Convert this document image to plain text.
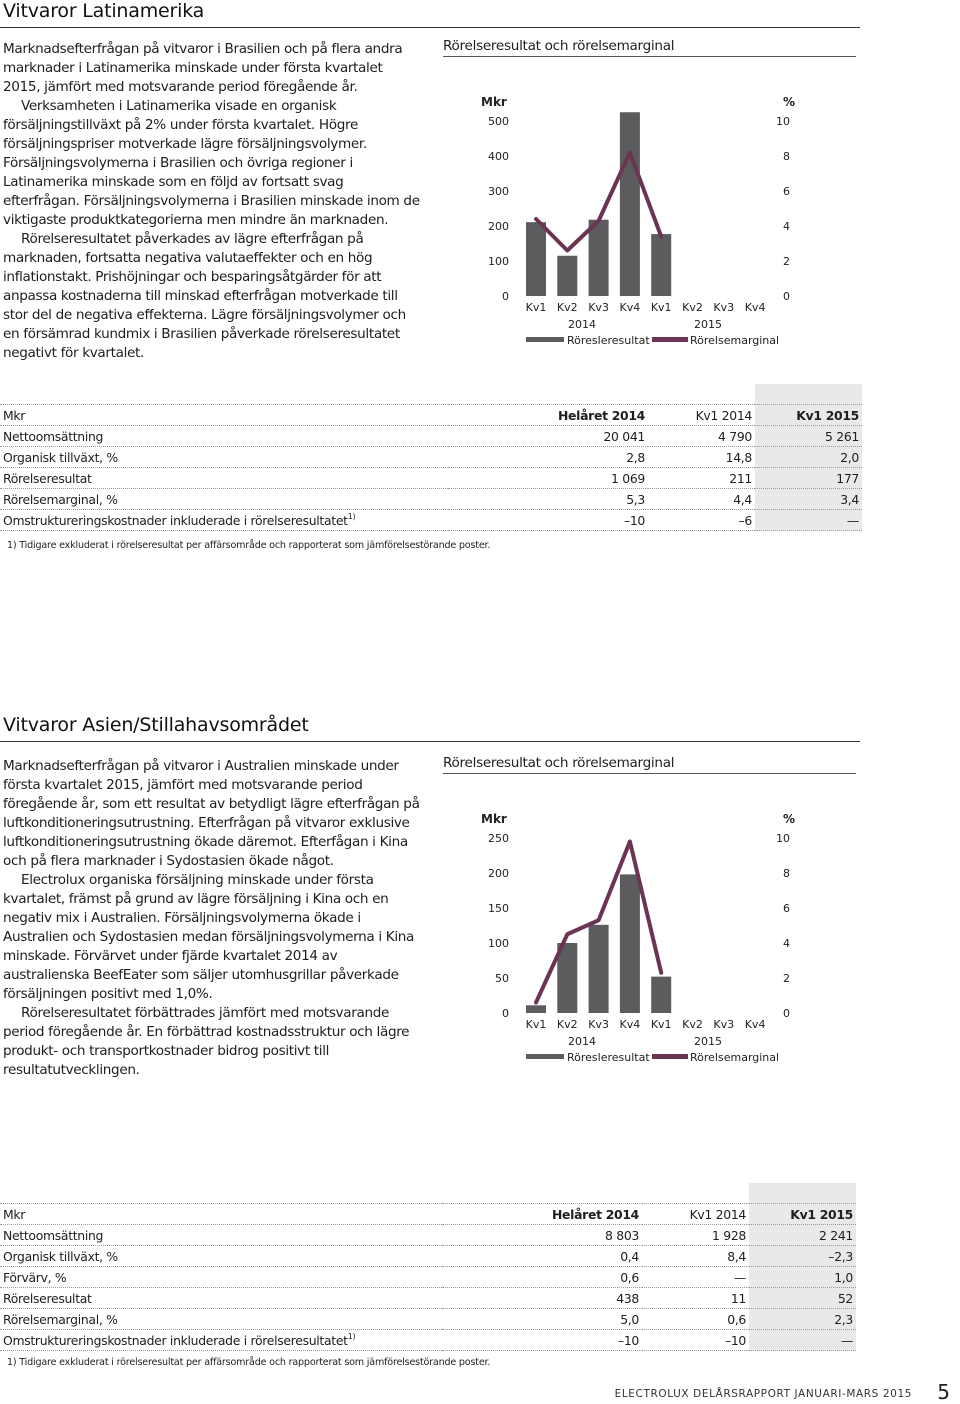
Vitvaror Latinamerika

Marknadsefterfrågan på vitvaror i Brasilien och på flera andra marknader i Latinamerika minskade under första kvartalet 2015, jämfört med motsvarande period föregående år.

Verksamheten i Latinamerika visade en organisk försäljningstillväxt på 2% under första kvartalet. Högre försäljningspriser motverkade lägre försäljningsvolymer. Försäljningsvolymerna i Brasilien och övriga regioner i Latinamerika minskade som en följd av fortsatt svag efterfrågan. Försäljningsvolymerna i Brasilien minskade inom de viktigaste produktkategorierna men mindre än marknaden.

Rörelseresultatet påverkades av lägre efterfrågan på marknaden, fortsatta negativa valutaeffekter och en hög inflationstakt. Prishöjningar och besparingsåtgärder för att anpassa kostnaderna till minskad efterfrågan motverkade till stor del de negativa effekterna. Lägre försäljningsvolymer och en försämrad kundmix i Brasilien påverkade rörelseresultatet negativt för kvartalet.

Rörelseresultat och rörelsemarginal
Mkr	%
500
400
300
200
100
0
10
8
6
4
2
0
Kv1 Kv2 Kv3 Kv4 Kv1 Kv2 Kv3 Kv4
2014	2015
Röresleresultat	Rörelsemarginal

Mkr	Helåret 2014	Kv1 2014	Kv1 2015
Nettoomsättning	20 041	4 790	5 261
Organisk tillväxt, %	2,8	14,8	2,0
Rörelseresultat	1 069	211	177
Rörelsemarginal, %	5,3	4,4	3,4
Omstruktureringskostnader inkluderade i rörelseresultatet$^{1)}$	–10	–6	—
1) Tidigare exkluderat i rörelseresultat per affärsområde och rapporterat som jämförelsestörande poster.
Vitvaror Asien/Stillahavsområdet

Marknadsefterfrågan på vitvaror i Australien minskade under första kvartalet 2015, jämfört med motsvarande period föregående år, som ett resultat av betydligt lägre efterfrågan på luftkonditioneringsutrustning. Efterfrågan på vitvaror exklusive luftkonditioneringsutrustning ökade däremot. Efterfågan i Kina och på flera marknader i Sydostasien ökade något.

Electrolux organiska försäljning minskade under första kvartalet, främst på grund av lägre försäljning i Kina och en negativ mix i Australien. Försäljningsvolymerna ökade i Australien och Sydostasien medan försäljningsvolymerna i Kina minskade. Förvärvet under fjärde kvartalet 2014 av australienska BeefEater som säljer utomhusgrillar påverkade försäljningen positivt med 1,0%.

Rörelseresultatet förbättrades jämfört med motsvarande period föregående år. En förbättrad kostnadsstruktur och lägre produkt- och transportkostnader bidrog positivt till resultatutvecklingen.

Rörelseresultat och rörelsemarginal
Mkr	%
250
200
150
100
50
0
10
8
6
4
2
0
Kv1 Kv2 Kv3 Kv4 Kv1 Kv2 Kv3 Kv4
2014	2015
Röresleresultat	Rörelsemarginal

Mkr	Helåret 2014	Kv1 2014	Kv1 2015
Nettoomsättning	8 803	1 928	2 241
Organisk tillväxt, %	0,4	8,4	–2,3
Förvärv, %	0,6	—	1,0
Rörelseresultat	438	11	52
Rörelsemarginal, %	5,0	0,6	2,3
Omstruktureringskostnader inkluderade i rörelseresultatet$^{1)}$	–10	–10	—
1) Tidigare exkluderat i rörelseresultat per affärsområde och rapporterat som jämförelsestörande poster.
ELECTROLUX DELÅRSRAPPORT JANUARI-MARS 2015 5
